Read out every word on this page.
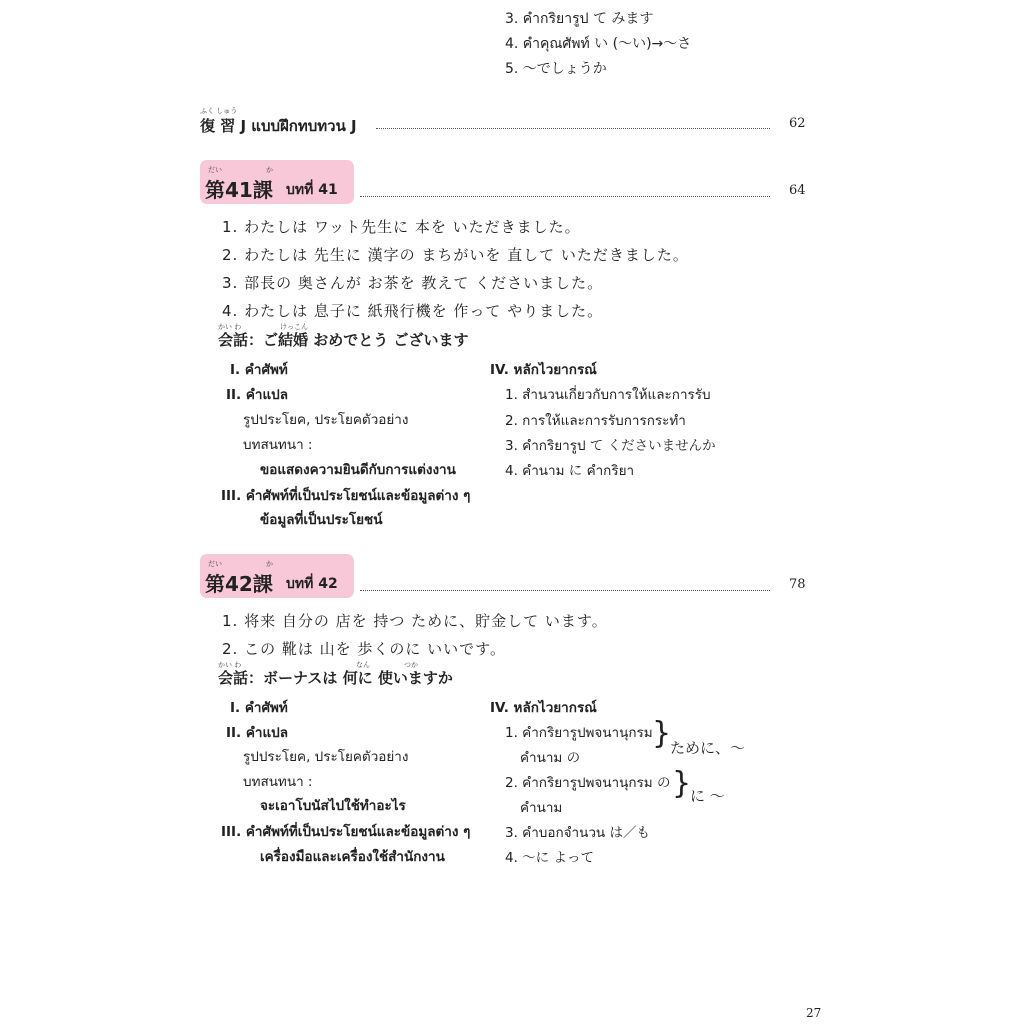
3. คำกริยารูป て みます
4. คำคุณศัพท์ い (〜い)→〜さ
5. 〜でしょうか
ふく しゅう
復 習 J แบบฝึกทบทวน J	62
だい	か
第41課 บทที่ 41	64
1. わたしは ワット先生に 本を いただきました。
2. わたしは 先生に 漢字の まちがいを 直して いただきました。
3. 部長の 奥さんが お茶を 教えて くださいました。
4. わたしは 息子に 紙飛行機を 作って やりました。
かい わ	けっこん
会話：ご結婚 おめでとう ございます
I. คำศัพท์
II. คำแปล
รูปประโยค, ประโยคตัวอย่าง
บทสนทนา :
ขอแสดงความยินดีกับการแต่งงาน
III. คำศัพท์ที่เป็นประโยชน์และข้อมูลต่าง ๆ
ข้อมูลที่เป็นประโยชน์
IV. หลักไวยากรณ์
1. สำนวนเกี่ยวกับการให้และการรับ
2. การให้และการรับการกระทำ
3. คำกริยารูป て くださいませんか
4. คำนาม に คำกริยา
だい	か
第42課 บทที่ 42	78
1. 将来 自分の 店を 持つ ために、貯金して います。
2. この 靴は 山を 歩くのに いいです。
かい わ	なん	つか
会話：ボーナスは 何に 使いますか
I. คำศัพท์
II. คำแปล
รูปประโยค, ประโยคตัวอย่าง
บทสนทนา :
จะเอาโบนัสไปใช้ทำอะไร
III. คำศัพท์ที่เป็นประโยชน์และข้อมูลต่าง ๆ
เครื่องมือและเครื่องใช้สำนักงาน
IV. หลักไวยากรณ์
1. คำกริยารูปพจนานุกรม
คำนาม の
}
ために、〜
2. คำกริยารูปพจนานุกรม の
คำนาม
}
に 〜
3. คำบอกจำนวน は／も
4. 〜に よって
27
